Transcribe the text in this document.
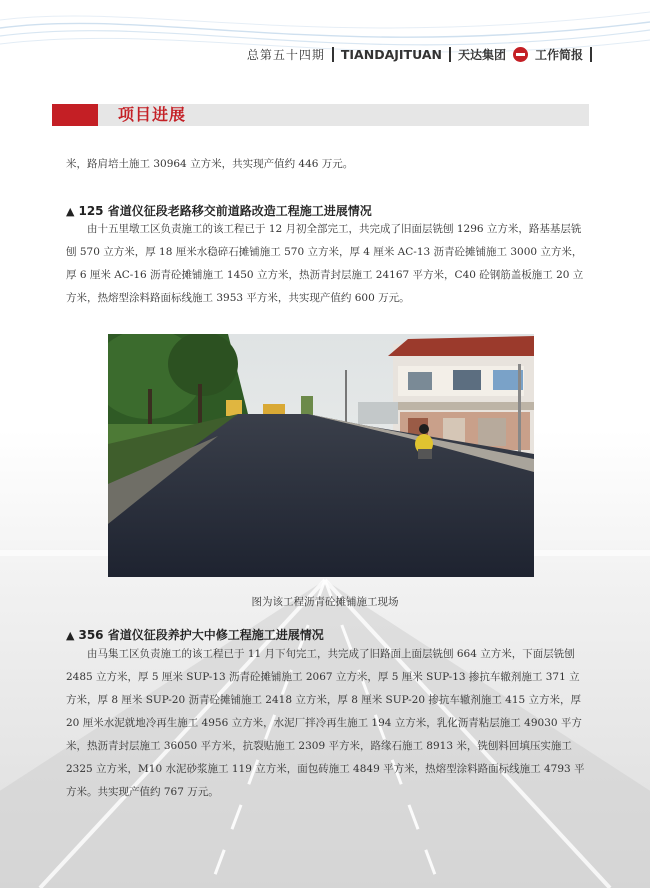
总第五十四期 TIANDAJITUAN 天达集团 工作简报
项目进展

米，路肩培土施工 30964 立方米，共实现产值约 446 万元。

▲ 125 省道仪征段老路移交前道路改造工程施工进展情况

由十五里墩工区负责施工的该工程已于 12 月初全部完工，共完成了旧面层铣刨 1296 立方米，路基基层铣刨 570 立方米，厚 18 厘米水稳碎石摊铺施工 570 立方米，厚 4 厘米 AC-13 沥青砼摊铺施工 3000 立方米，厚 6 厘米 AC-16 沥青砼摊铺施工 1450 立方米，热沥青封层施工 24167 平方米，C40 砼钢筋盖板施工 20 立方米，热熔型涂料路面标线施工 3953 平方米，共实现产值约 600 万元。

图为该工程沥青砼摊铺施工现场

▲ 356 省道仪征段养护大中修工程施工进展情况

由马集工区负责施工的该工程已于 11 月下旬完工，共完成了旧路面上面层铣刨 664 立方米，下面层铣刨 2485 立方米，厚 5 厘米 SUP-13 沥青砼摊铺施工 2067 立方米，厚 5 厘米 SUP-13 掺抗车辙剂施工 371 立方米，厚 8 厘米 SUP-20 沥青砼摊铺施工 2418 立方米，厚 8 厘米 SUP-20 掺抗车辙剂施工 415 立方米，厚 20 厘米水泥就地冷再生施工 4956 立方米，水泥厂拌冷再生施工 194 立方米，乳化沥青粘层施工 49030 平方米，热沥青封层施工 36050 平方米，抗裂贴施工 2309 平方米，路缘石施工 8913 米，铣刨料回填压实施工 2325 立方米，M10 水泥砂浆施工 119 立方米，面包砖施工 4849 平方米，热熔型涂料路面标线施工 4793 平方米。共实现产值约 767 万元。
